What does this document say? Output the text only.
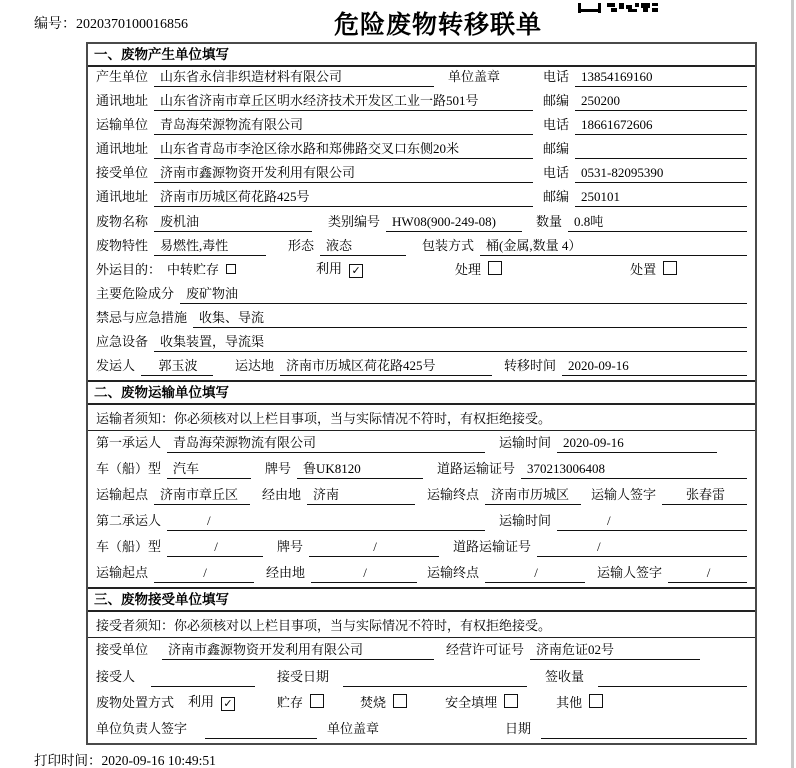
编号：2020370100016856	危险废物转移联单
一、废物产生单位填写
产生单位 山东省永信非织造材料有限公司	单位盖章	电话 13854169160
通讯地址 山东省济南市章丘区明水经济技术开发区工业一路501号	邮编 250200
运输单位 青岛海荣源物流有限公司	电话 18661672606
通讯地址 山东省青岛市李沧区徐水路和郑佛路交叉口东侧20米	邮编
接受单位 济南市鑫源物资开发利用有限公司	电话 0531-82095390
通讯地址 济南市历城区荷花路425号	邮编 250101
废物名称 废机油	类别编号 HW08(900-249-08)	数量 0.8吨
废物特性 易燃性,毒性	形态 液态	包装方式 桶(金属,数量 4）
外运目的： 中转贮存	利用 ✓	处理	处置
主要危险成分 废矿物油
禁忌与应急措施 收集、导流
应急设备 收集装置，导流渠
发运人	郭玉波	运达地 济南市历城区荷花路425号	转移时间 2020-09-16
二、废物运输单位填写
运输者须知：你必须核对以上栏目事项，当与实际情况不符时，有权拒绝接受。
第一承运人 青岛海荣源物流有限公司	运输时间 2020-09-16
车（船）型 汽车	牌号 鲁UK8120	道路运输证号 370213006408
运输起点 济南市章丘区	经由地 济南	运输终点 济南市历城区	运输人签字	张春雷
第二承运人	/	运输时间	/
车（船）型	/	牌号	/	道路运输证号	/
运输起点	/	经由地	/	运输终点	/	运输人签字	/
三、废物接受单位填写
接受者须知：你必须核对以上栏目事项，当与实际情况不符时，有权拒绝接受。
接受单位	济南市鑫源物资开发利用有限公司	经营许可证号 济南危证02号
接受人	接受日期	签收量
废物处置方式 利用 ✓	贮存	焚烧	安全填埋	其他
单位负责人签字	单位盖章	日期
打印时间：2020-09-16 10:49:51
